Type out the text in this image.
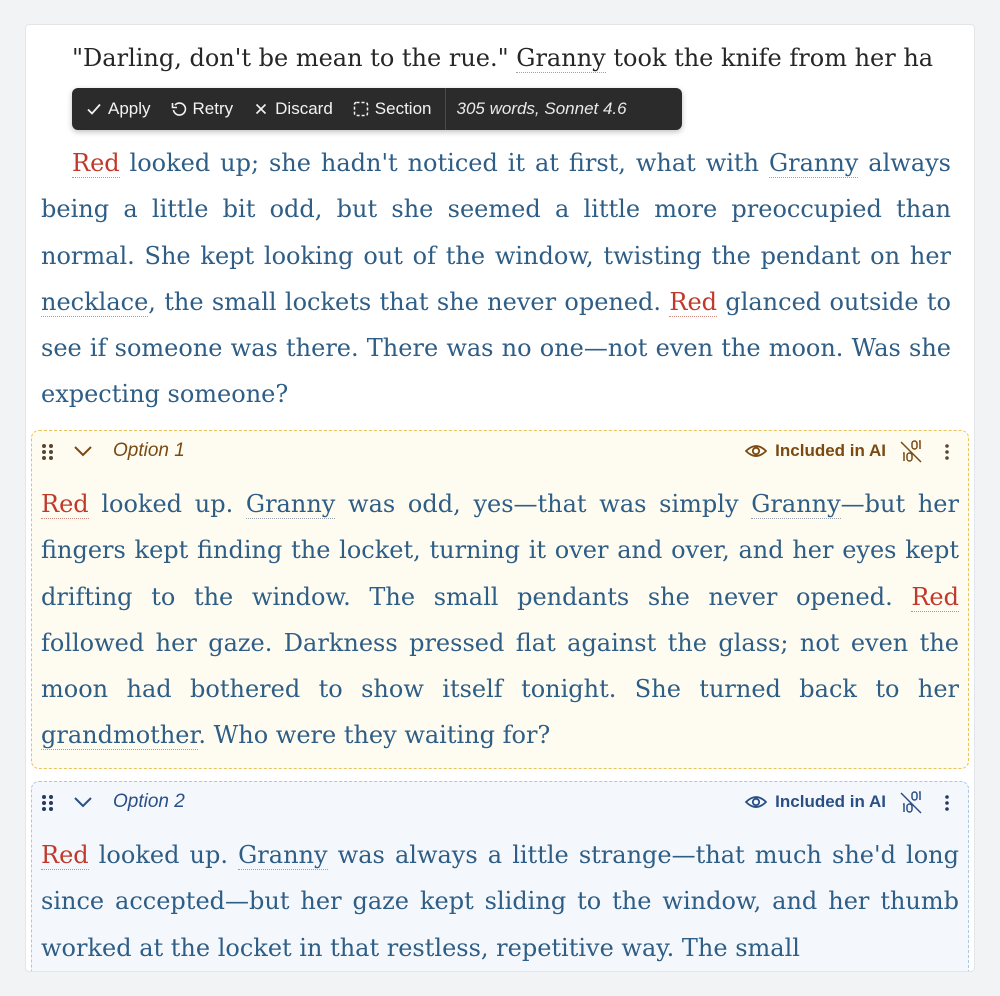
"Darling, don't be mean to the rue." Granny took the knife from her ha

Apply Retry Discard Section	305 words, Sonnet 4.6

Red looked up; she hadn't noticed it at first, what with Granny always being a little bit odd, but she seemed a little more preoccupied than normal. She kept looking out of the window, twisting the pendant on her necklace, the small lockets that she never opened. Red glanced outside to see if someone was there. There was no one—not even the moon. Was she expecting someone?

Option 1	Included in AI

Red looked up. Granny was odd, yes—that was simply Granny—but her fingers kept finding the locket, turning it over and over, and her eyes kept drifting to the window. The small pendants she never opened. Red followed her gaze. Darkness pressed flat against the glass; not even the moon had bothered to show itself tonight. She turned back to her grandmother. Who were they waiting for?

Option 2	Included in AI

Red looked up. Granny was always a little strange—that much she'd long since accepted—but her gaze kept sliding to the window, and her thumb worked at the locket in that restless, repetitive way. The small
